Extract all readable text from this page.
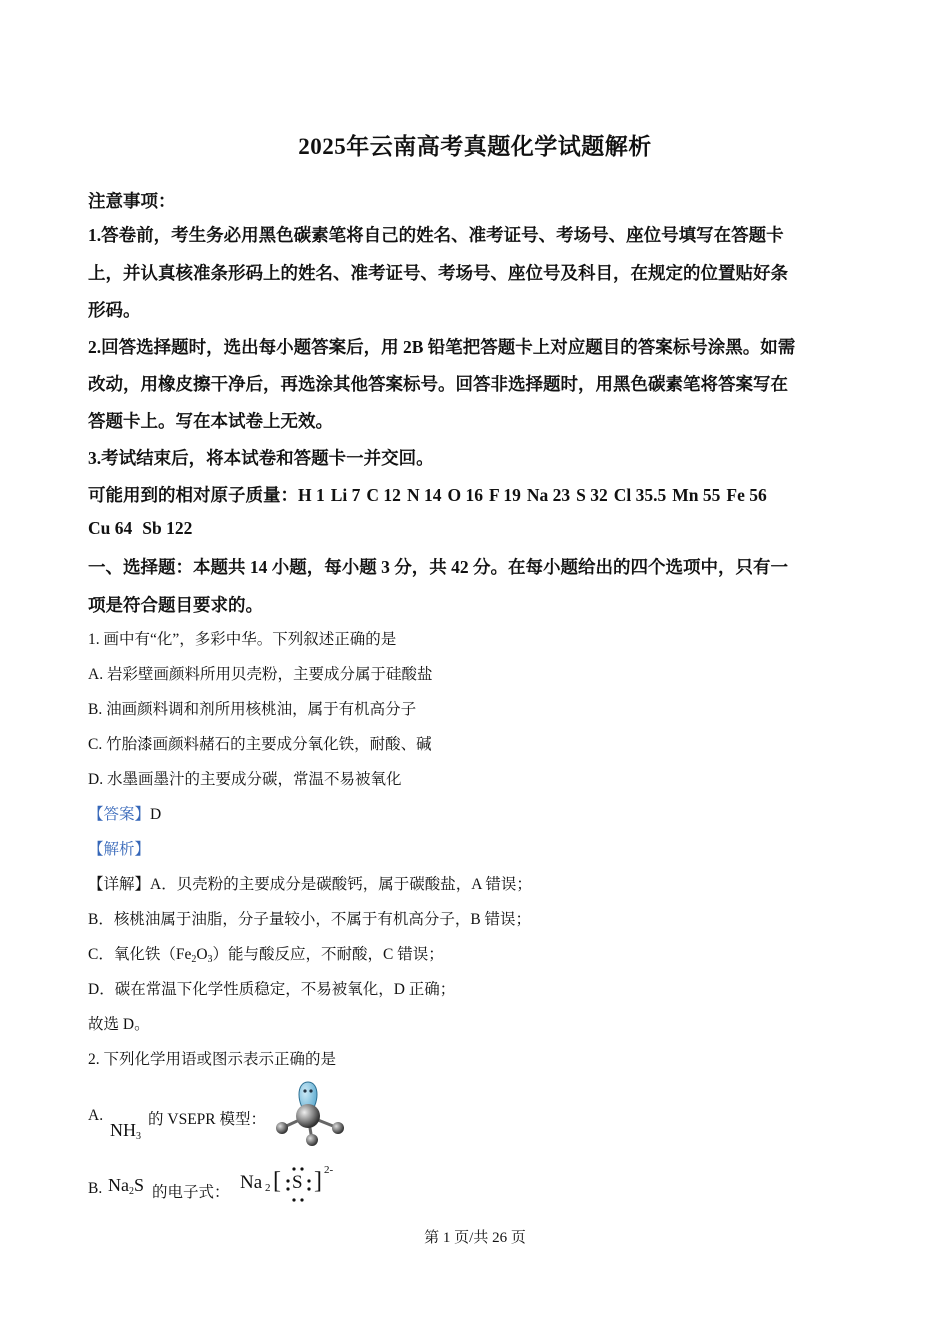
2025年云南高考真题化学试题解析
注意事项：
1.答卷前，考生务必用黑色碳素笔将自己的姓名、准考证号、考场号、座位号填写在答题卡
上，并认真核准条形码上的姓名、准考证号、考场号、座位号及科目，在规定的位置贴好条
形码。
2.回答选择题时，选出每小题答案后，用 2B 铅笔把答题卡上对应题目的答案标号涂黑。如需
改动，用橡皮擦干净后，再选涂其他答案标号。回答非选择题时，用黑色碳素笔将答案写在
答题卡上。写在本试卷上无效。
3.考试结束后，将本试卷和答题卡一并交回。
可能用到的相对原子质量：H 1 Li 7 C 12 N 14 O 16 F 19 Na 23 S 32 Cl 35.5 Mn 55 Fe 56
Cu 64 Sb 122
一、选择题：本题共 14 小题，每小题 3 分，共 42 分。在每小题给出的四个选项中，只有一
项是符合题目要求的。
1. 画中有“化”，多彩中华。下列叙述正确的是
A. 岩彩壁画颜料所用贝壳粉，主要成分属于硅酸盐
B. 油画颜料调和剂所用核桃油，属于有机高分子
C. 竹胎漆画颜料赭石的主要成分氧化铁，耐酸、碱
D. 水墨画墨汁的主要成分碳，常温不易被氧化
【答案】D
【解析】
【详解】A．贝壳粉的主要成分是碳酸钙，属于碳酸盐，A 错误；
B．核桃油属于油脂，分子量较小，不属于有机高分子，B 错误；
C．氧化铁$(Fe_2O_3)$能与酸反应，不耐酸，C 错误；
D．碳在常温下化学性质稳定，不易被氧化，D 正确；
故选 D。
2. 下列化学用语或图示表示正确的是
A.
$NH_3$
的 VSEPR 模型：
B. $Na_2S$ 的电子式： Na 2 [ S ] 2-
第 1 页/共 26 页
